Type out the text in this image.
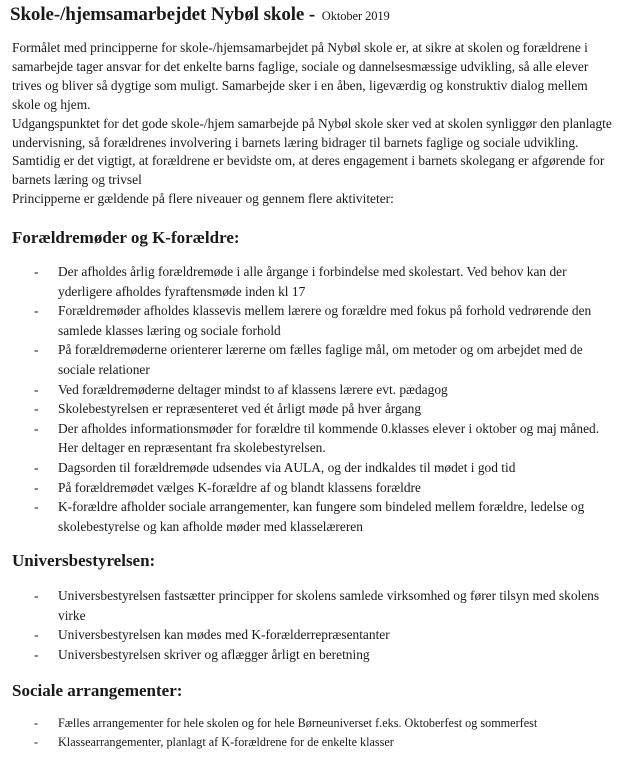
Skole-/hjemsamarbejdet Nybøl skole - Oktober 2019

Formålet med principperne for skole-/hjemsamarbejdet på Nybøl skole er, at sikre at skolen og forældrene i samarbejde tager ansvar for det enkelte barns faglige, sociale og dannelsesmæssige udvikling, så alle elever trives og bliver så dygtige som muligt. Samarbejde sker i en åben, ligeværdig og konstruktiv dialog mellem skole og hjem.

Udgangspunktet for det gode skole-/hjem samarbejde på Nybøl skole sker ved at skolen synliggør den planlagte undervisning, så forældrenes involvering i barnets læring bidrager til barnets faglige og sociale udvikling. Samtidig er det vigtigt, at forældrene er bevidste om, at deres engagement i barnets skolegang er afgørende for barnets læring og trivsel

Principperne er gældende på flere niveauer og gennem flere aktiviteter:

Forældremøder og K-forældre:
- Der afholdes årlig forældremøde i alle årgange i forbindelse med skolestart. Ved behov kan der yderligere afholdes fyraftensmøde inden kl 17
- Forældremøder afholdes klassevis mellem lærere og forældre med fokus på forhold vedrørende den samlede klasses læring og sociale forhold
- På forældremøderne orienterer lærerne om fælles faglige mål, om metoder og om arbejdet med de sociale relationer
- Ved forældremøderne deltager mindst to af klassens lærere evt. pædagog
- Skolebestyrelsen er repræsenteret ved ét årligt møde på hver årgang
- Der afholdes informationsmøder for forældre til kommende 0.klasses elever i oktober og maj måned. Her deltager en repræsentant fra skolebestyrelsen.
- Dagsorden til forældremøde udsendes via AULA, og der indkaldes til mødet i god tid
- På forældremødet vælges K-forældre af og blandt klassens forældre
- K-forældre afholder sociale arrangementer, kan fungere som bindeled mellem forældre, ledelse og skolebestyrelse og kan afholde møder med klasselæreren
Universbestyrelsen:
- Universbestyrelsen fastsætter principper for skolens samlede virksomhed og fører tilsyn med skolens virke
- Universbestyrelsen kan mødes med K-forælderrepræsentanter
- Universbestyrelsen skriver og aflægger årligt en beretning
Sociale arrangementer:
- Fælles arrangementer for hele skolen og for hele Børneuniverset f.eks. Oktoberfest og sommerfest
- Klassearrangementer, planlagt af K-forældrene for de enkelte klasser
